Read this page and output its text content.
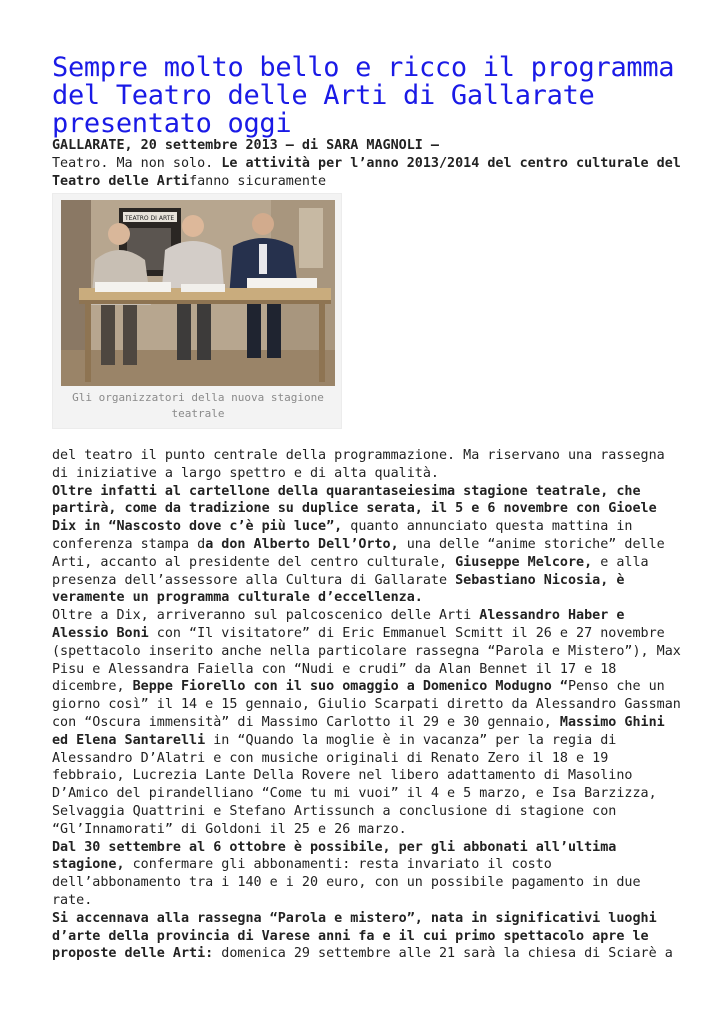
Sempre molto bello e ricco il programma del Teatro delle Arti di Gallarate presentato oggi

GALLARATE, 20 settembre 2013 – di SARA MAGNOLI –
Teatro. Ma non solo. Le attività per l’anno 2013/2014 del centro culturale del Teatro delle Artifanno sicuramente

TEATRO DI ARTE
Gli organizzatori della nuova stagione teatrale

del teatro il punto centrale della programmazione. Ma riservano una rassegna di iniziative a largo spettro e di alta qualità.

Oltre infatti al cartellone della quarantaseiesima stagione teatrale, che partirà, come da tradizione su duplice serata, il 5 e 6 novembre con Gioele Dix in “Nascosto dove c’è più luce”, quanto annunciato questa mattina in conferenza stampa da don Alberto Dell’Orto, una delle “anime storiche” delle Arti, accanto al presidente del centro culturale, Giuseppe Melcore, e alla presenza dell’assessore alla Cultura di Gallarate Sebastiano Nicosia, è veramente un programma culturale d’eccellenza.

Oltre a Dix, arriveranno sul palcoscenico delle Arti Alessandro Haber e Alessio Boni con “Il visitatore” di Eric Emmanuel Scmitt il 26 e 27 novembre (spettacolo inserito anche nella particolare rassegna “Parola e Mistero”), Max Pisu e Alessandra Faiella con “Nudi e crudi” da Alan Bennet il 17 e 18 dicembre, Beppe Fiorello con il suo omaggio a Domenico Modugno “Penso che un giorno così” il 14 e 15 gennaio, Giulio Scarpati diretto da Alessandro Gassman con “Oscura immensità” di Massimo Carlotto il 29 e 30 gennaio, Massimo Ghini ed Elena Santarelli in “Quando la moglie è in vacanza” per la regia di Alessandro D’Alatri e con musiche originali di Renato Zero il 18 e 19 febbraio, Lucrezia Lante Della Rovere nel libero adattamento di Masolino D’Amico del pirandelliano “Come tu mi vuoi” il 4 e 5 marzo, e Isa Barzizza, Selvaggia Quattrini e Stefano Artissunch a conclusione di stagione con “Gl’Innamorati” di Goldoni il 25 e 26 marzo.

Dal 30 settembre al 6 ottobre è possibile, per gli abbonati all’ultima stagione, confermare gli abbonamenti: resta invariato il costo dell’abbonamento tra i 140 e i 20 euro, con un possibile pagamento in due rate.

Si accennava alla rassegna “Parola e mistero”, nata in significativi luoghi d’arte della provincia di Varese anni fa e il cui primo spettacolo apre le proposte delle Arti: domenica 29 settembre alle 21 sarà la chiesa di Sciarè a
